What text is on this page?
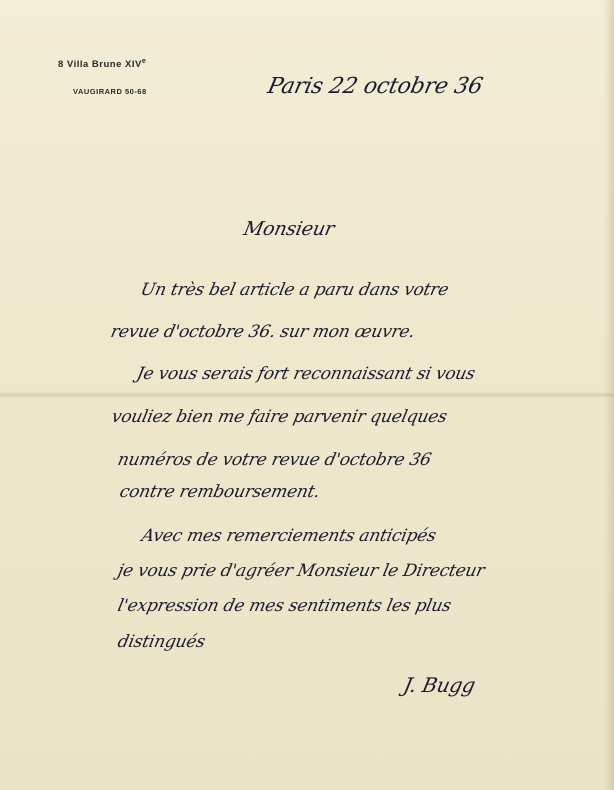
8 Villa Brune XIVe
VAUGIRARD 50-68	Paris 22 octobre 36
Monsieur
Un très bel article a paru dans votre
revue d'octobre 36. sur mon œuvre.
Je vous serais fort reconnaissant si vous
vouliez bien me faire parvenir quelques
numéros de votre revue d'octobre 36
contre remboursement.
Avec mes remerciements anticipés
je vous prie d'agréer Monsieur le Directeur
l'expression de mes sentiments les plus
distingués
J. Bugg
